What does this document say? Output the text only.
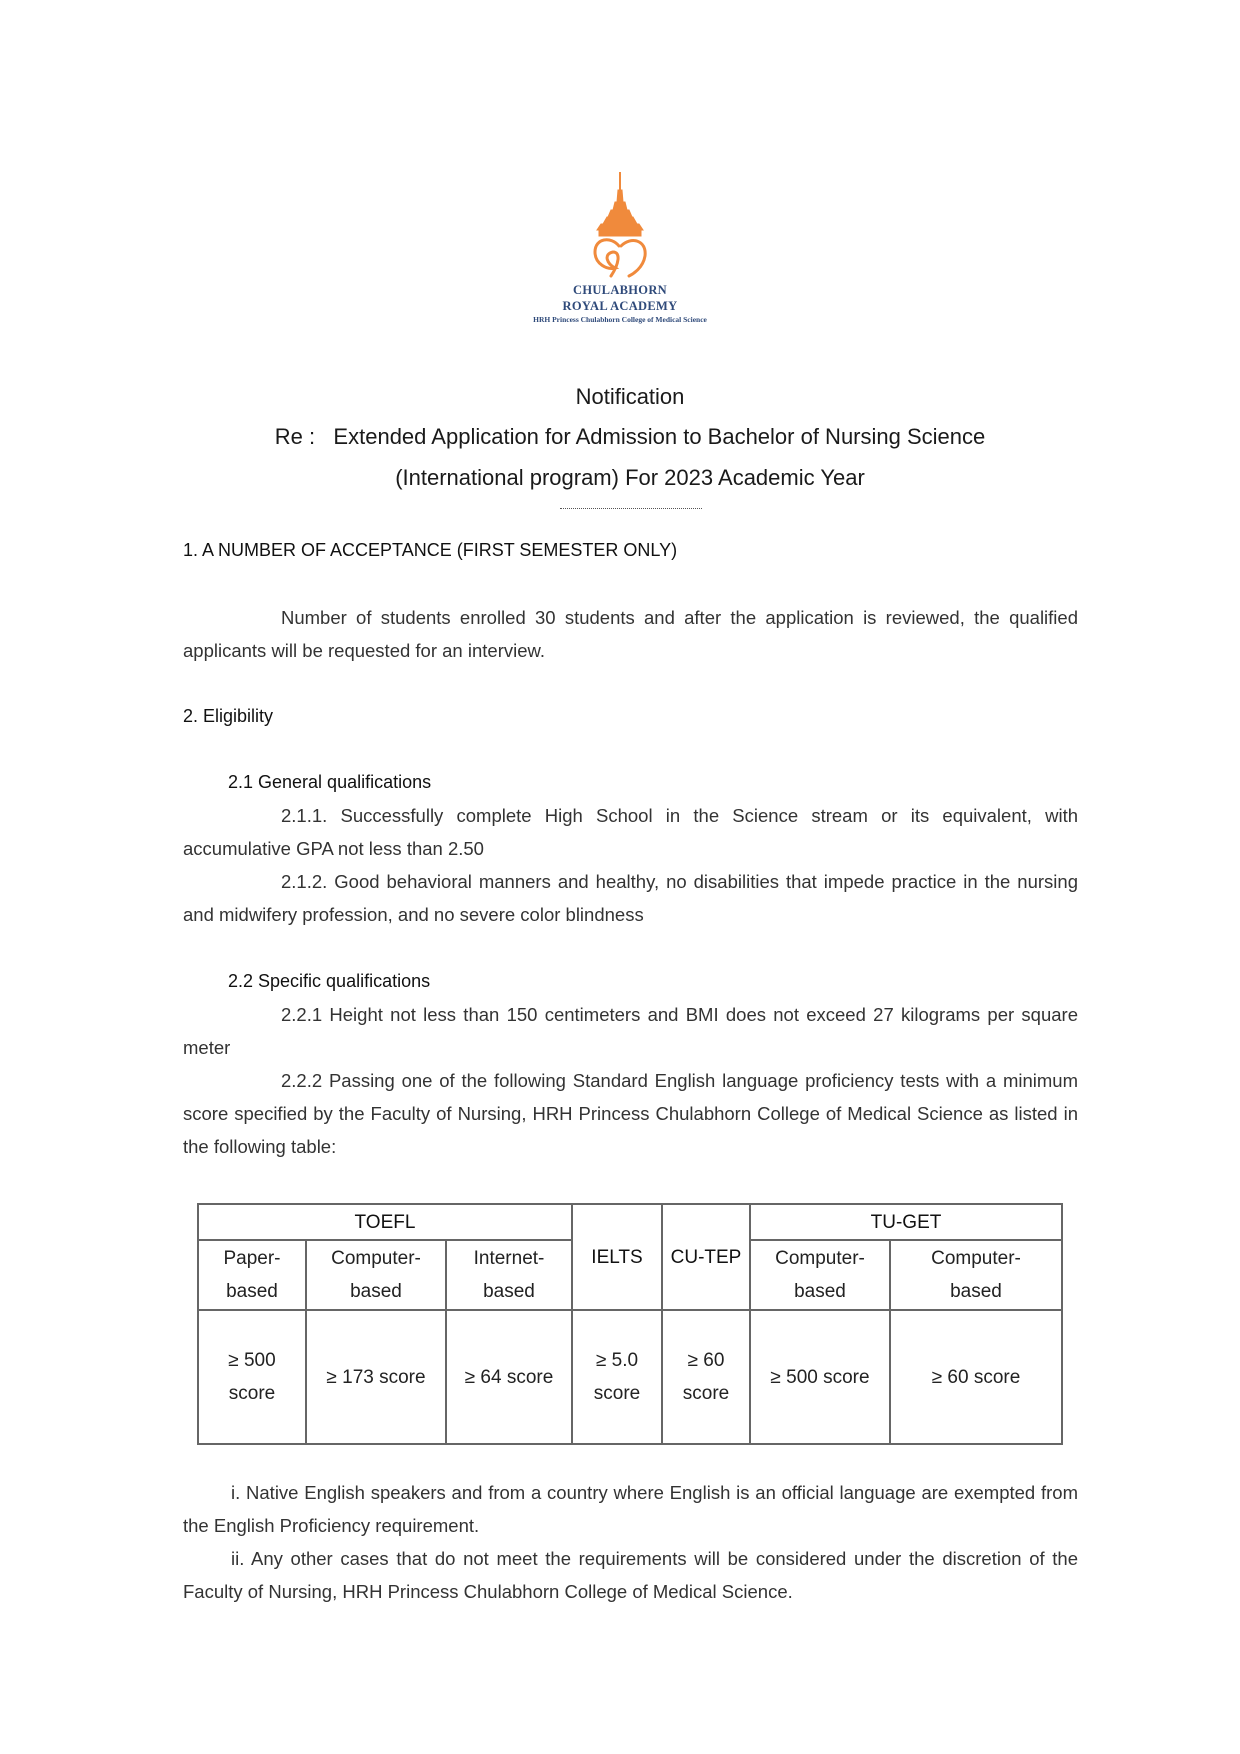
CHULABHORN
ROYAL ACADEMY
HRH Princess Chulabhorn College of Medical Science
Notification
Re :   Extended Application for Admission to Bachelor of Nursing Science
(International program) For 2023 Academic Year
1. A NUMBER OF ACCEPTANCE (FIRST SEMESTER ONLY)
Number of students enrolled 30 students and after the application is reviewed, the qualified applicants will be requested for an interview.
2. Eligibility
2.1 General qualifications
2.1.1. Successfully complete High School in the Science stream or its equivalent, with accumulative GPA not less than 2.50
2.1.2. Good behavioral manners and healthy, no disabilities that impede practice in the nursing and midwifery profession, and no severe color blindness
2.2 Specific qualifications
2.2.1 Height not less than 150 centimeters and BMI does not exceed 27 kilograms per square meter
2.2.2 Passing one of the following Standard English language proficiency tests with a minimum score specified by the Faculty of Nursing, HRH Princess Chulabhorn College of Medical Science as listed in the following table:
TOEFL			IELTS	CU-TEP	TU-GET	
Paper-
based	Computer-
based	Internet-
based			Computer-
based	Computer-
based
≥ 500
score	≥ 173 score	≥ 64 score	≥ 5.0
score	≥ 60
score	≥ 500 score	≥ 60 score
i. Native English speakers and from a country where English is an official language are exempted from the English Proficiency requirement.
ii. Any other cases that do not meet the requirements will be considered under the discretion of the Faculty of Nursing, HRH Princess Chulabhorn College of Medical Science.
